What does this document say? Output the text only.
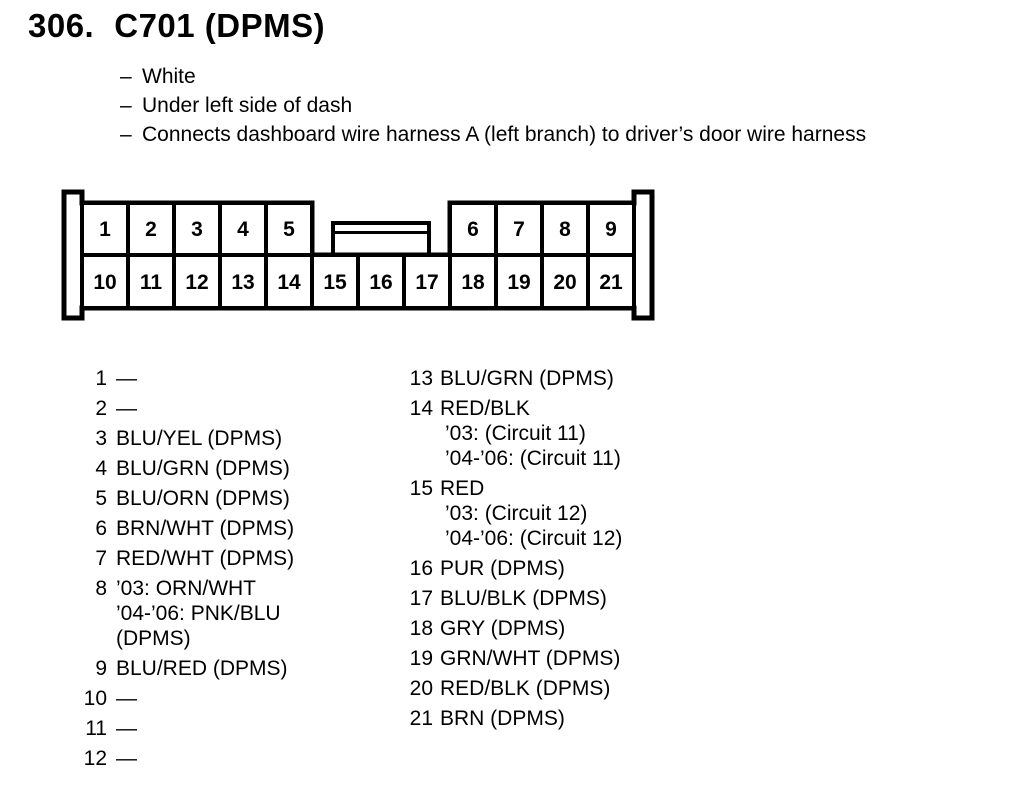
306. C701 (DPMS)
– White
– Under left side of dash
– Connects dashboard wire harness A (left branch) to driver’s door wire harness
1 2 3 4 5	6 7 8 9
10 11 12 13 14 15 16 17 18 19 20 21
1 —
2 —
3 BLU/YEL (DPMS)
4 BLU/GRN (DPMS)
5 BLU/ORN (DPMS)
6 BRN/WHT (DPMS)
7 RED/WHT (DPMS)
8 ’03: ORN/WHT
’04-’06: PNK/BLU
(DPMS)
9 BLU/RED (DPMS)
10 —
11 —
12 —
13 BLU/GRN (DPMS)
14 RED/BLK
’03: (Circuit 11)
’04-’06: (Circuit 11)
15 RED
’03: (Circuit 12)
’04-’06: (Circuit 12)
16 PUR (DPMS)
17 BLU/BLK (DPMS)
18 GRY (DPMS)
19 GRN/WHT (DPMS)
20 RED/BLK (DPMS)
21 BRN (DPMS)
